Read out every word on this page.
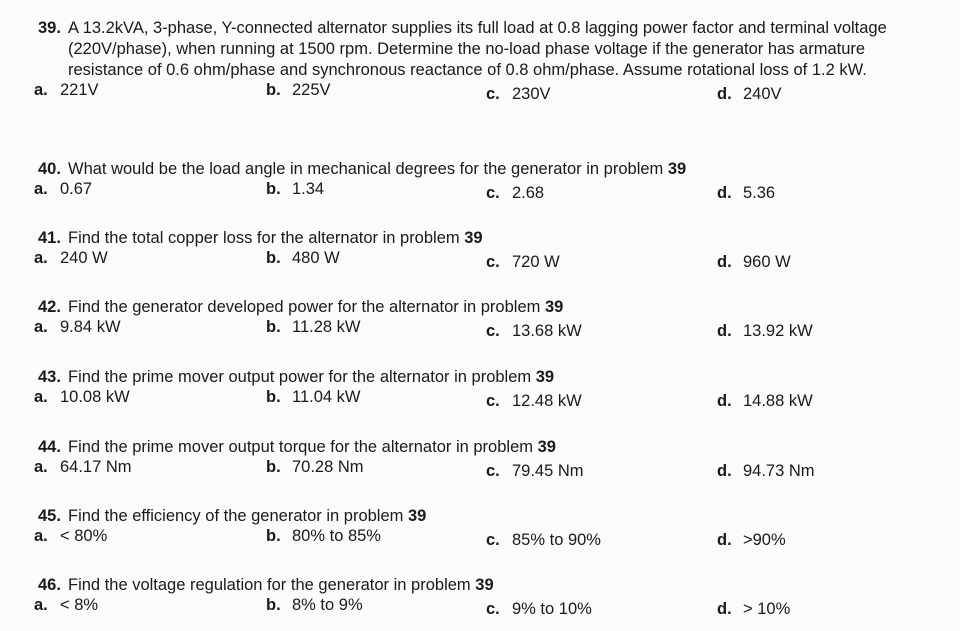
39. A 13.2kVA, 3-phase, Y-connected alternator supplies its full load at 0.8 lagging power factor and terminal voltage (220V/phase), when running at 1500 rpm. Determine the no-load phase voltage if the generator has armature resistance of 0.6 ohm/phase and synchronous reactance of 0.8 ohm/phase. Assume rotational loss of 1.2 kW.
a. 221V	b. 225V	c. 230V	d. 240V
40. What would be the load angle in mechanical degrees for the generator in problem 39
a. 0.67	b. 1.34	c. 2.68	d. 5.36
41. Find the total copper loss for the alternator in problem 39
a. 240 W	b. 480 W	c. 720 W	d. 960 W
42. Find the generator developed power for the alternator in problem 39
a. 9.84 kW	b. 11.28 kW	c. 13.68 kW	d. 13.92 kW
43. Find the prime mover output power for the alternator in problem 39
a. 10.08 kW	b. 11.04 kW	c. 12.48 kW	d. 14.88 kW
44. Find the prime mover output torque for the alternator in problem 39
a. 64.17 Nm	b. 70.28 Nm	c. 79.45 Nm	d. 94.73 Nm
45. Find the efficiency of the generator in problem 39
a. < 80%	b. 80% to 85%	c. 85% to 90%	d. >90%
46. Find the voltage regulation for the generator in problem 39
a. < 8%	b. 8% to 9%	c. 9% to 10%	d. > 10%
